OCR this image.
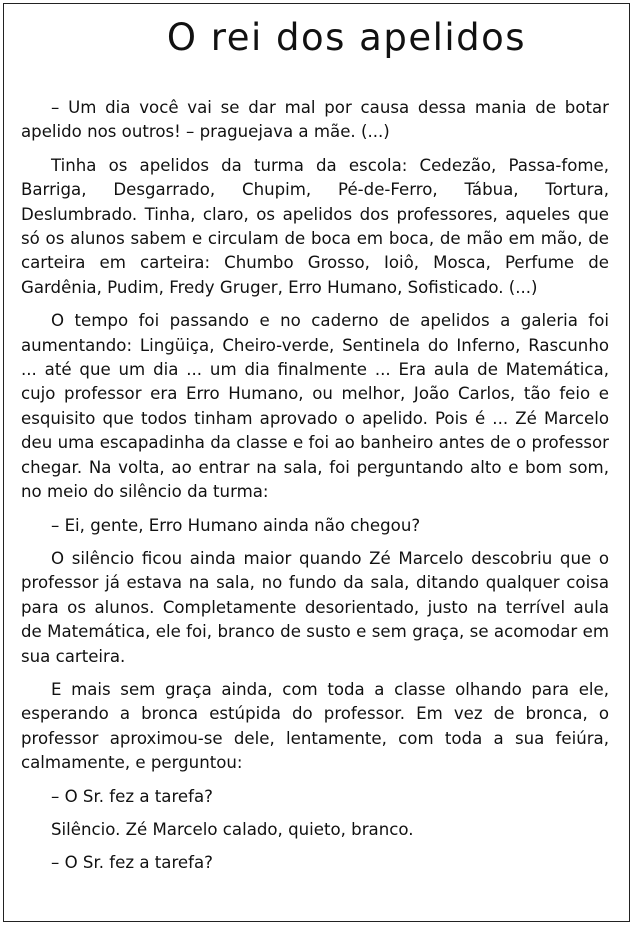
O rei dos apelidos

– Um dia você vai se dar mal por causa dessa mania de botar apelido nos outros! – praguejava a mãe. (...)

Tinha os apelidos da turma da escola: Cedezão, Passa-fome, Barriga, Desgarrado, Chupim, Pé-de-Ferro, Tábua, Tortura, Deslumbrado. Tinha, claro, os apelidos dos professores, aqueles que só os alunos sabem e circulam de boca em boca, de mão em mão, de carteira em carteira: Chumbo Grosso, Ioiô, Mosca, Perfume de Gardênia, Pudim, Fredy Gruger, Erro Humano, Sofisticado. (...)

O tempo foi passando e no caderno de apelidos a galeria foi aumentando: Lingüiça, Cheiro-verde, Sentinela do Inferno, Rascunho ... até que um dia ... um dia finalmente ... Era aula de Matemática, cujo professor era Erro Humano, ou melhor, João Carlos, tão feio e esquisito que todos tinham aprovado o apelido. Pois é ... Zé Marcelo deu uma escapadinha da classe e foi ao banheiro antes de o professor chegar. Na volta, ao entrar na sala, foi perguntando alto e bom som, no meio do silêncio da turma:

– Ei, gente, Erro Humano ainda não chegou?

O silêncio ficou ainda maior quando Zé Marcelo descobriu que o professor já estava na sala, no fundo da sala, ditando qualquer coisa para os alunos. Completamente desorientado, justo na terrível aula de Matemática, ele foi, branco de susto e sem graça, se acomodar em sua carteira.

E mais sem graça ainda, com toda a classe olhando para ele, esperando a bronca estúpida do professor. Em vez de bronca, o professor aproximou-se dele, lentamente, com toda a sua feiúra, calmamente, e perguntou:

– O Sr. fez a tarefa?

Silêncio. Zé Marcelo calado, quieto, branco.

– O Sr. fez a tarefa?
